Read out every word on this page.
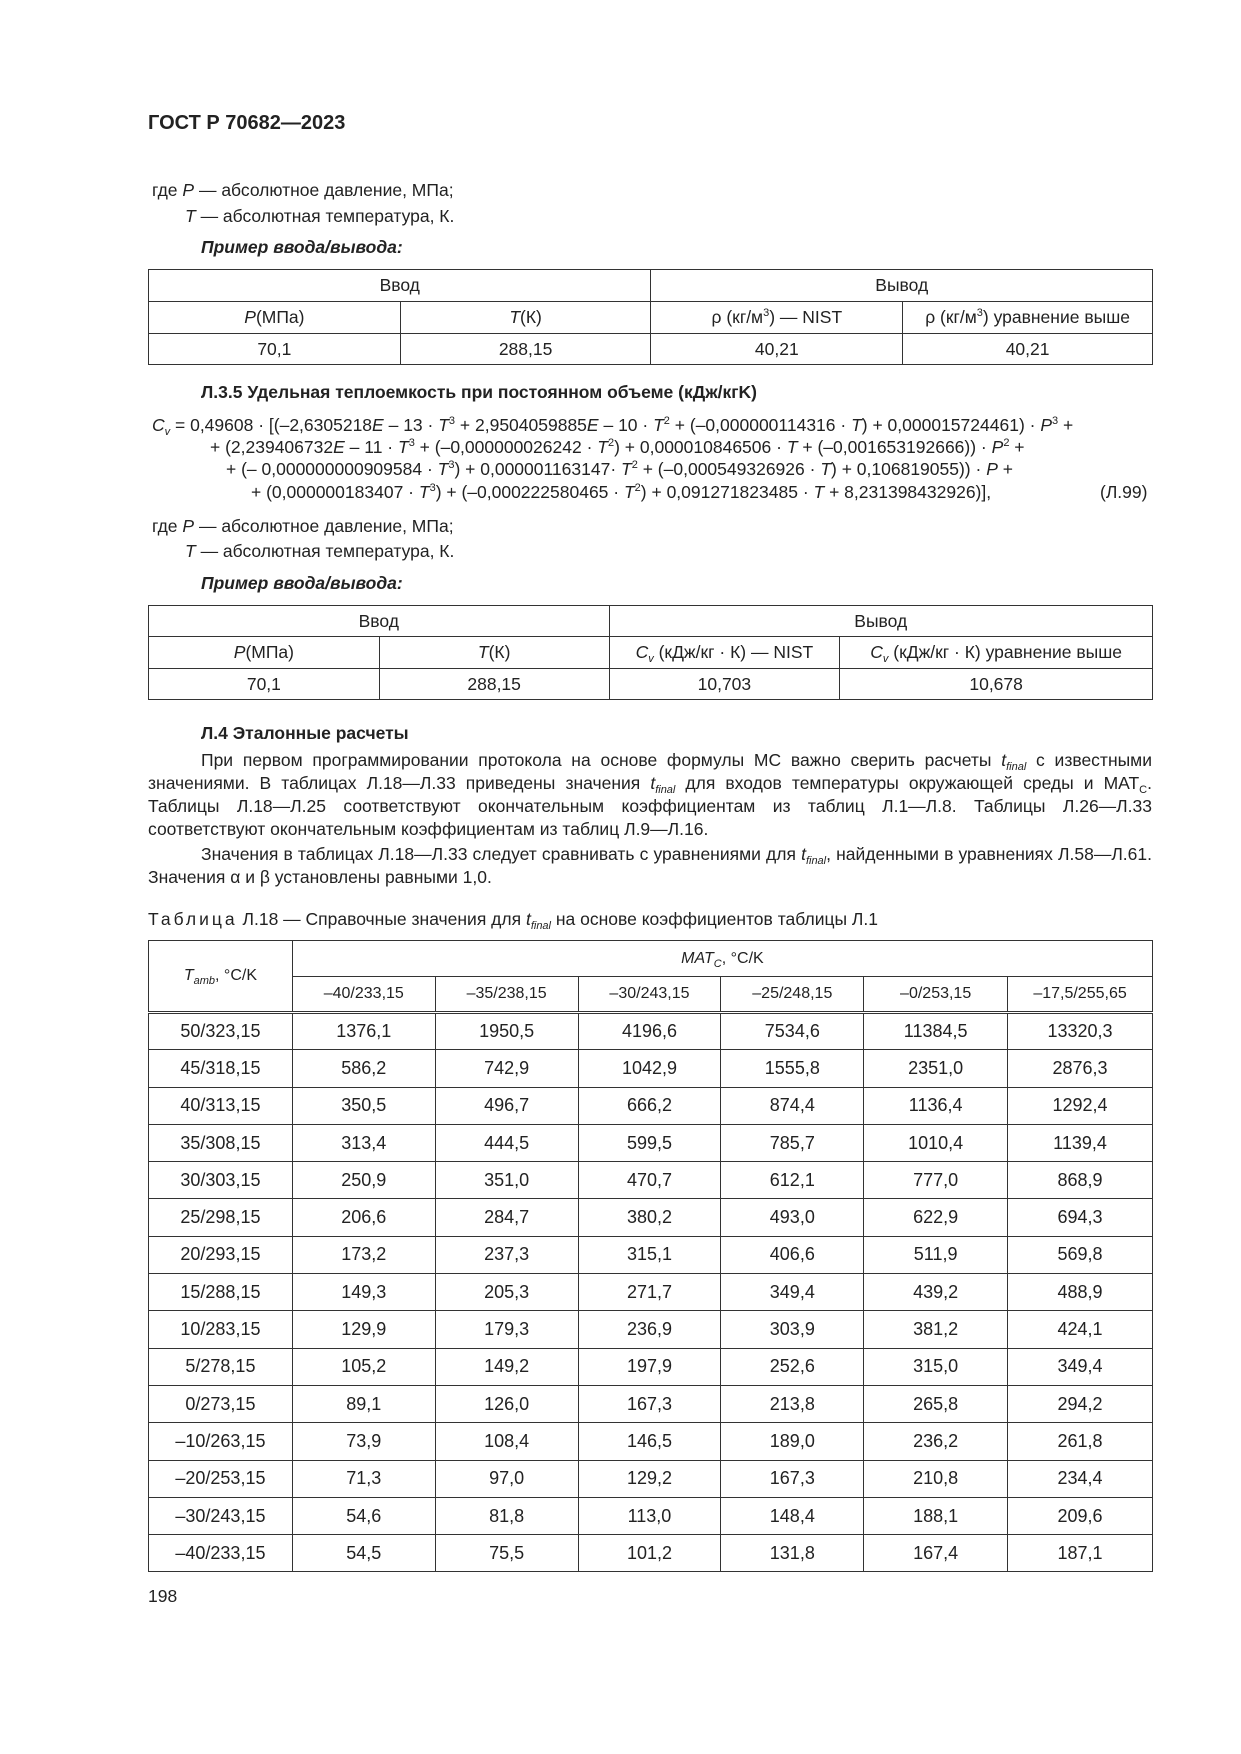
ГОСТ Р 70682—2023
где P — абсолютное давление, МПа;
T — абсолютная температура, К.
Пример ввода/вывода:
Ввод		Вывод	
P(МПа)	T(К)	ρ $(кг/м^3)$ — NIST	ρ $(кг/м^3)$ уравнение выше
70,1	288,15	40,21	40,21
Л.3.5 Удельная теплоемкость при постоянном объеме (кДж/кгK)
$C_v = 0,49608 \cdot [(-2,6305218E - 13 \cdot T^3 + 2,9504059885E - 10 \cdot T^2 + (-0,000000114316 \cdot T) + 0,000015724461) \cdot P^3$ +
+ $(2,239406732E - 11 \cdot T^3 + (-0,000000026242 \cdot T^2) + 0,000010846506 \cdot T + (-0,001653192666)) \cdot P^2$ +
+ (– $0,000000000909584 \cdot T^3) + 0,000001163147\cdot T^2 + (-0,000549326926 \cdot T) + 0,106819055)) \cdot P$ +
+ $(0,000000183407 \cdot T^3) + (-0,000222580465 \cdot T^2) + 0,091271823485 \cdot T + 8,231398432926$)],	(Л.99)
где P — абсолютное давление, МПа;
T — абсолютная температура, К.
Пример ввода/вывода:
Ввод		Вывод	
P(МПа)	T(К)	$C_v$ (кДж/кг · К) — NIST	$C_v$ (кДж/кг · К) уравнение выше
70,1	288,15	10,703	10,678
Л.4 Эталонные расчеты
При первом программировании протокола на основе формулы МС важно сверить расчеты $t_{final}$ с известными значениями. В таблицах Л.18—Л.33 приведены значения $t_{final}$ для входов температуры окружающей среды и $МАТ_C$. Таблицы Л.18—Л.25 соответствуют окончательным коэффициентам из таблиц Л.1—Л.8. Таблицы Л.26—Л.33 соответствуют окончательным коэффициентам из таблиц Л.9—Л.16.
Значения в таблицах Л.18—Л.33 следует сравнивать с уравнениями для $t_{final}$, найденными в уравнениях Л.58—Л.61. Значения α и β установлены равными 1,0.
Таблица Л.18 — Справочные значения для $t_{final}$ на основе коэффициентов таблицы Л.1
$T_{amb}$, °C/K	$MAT_C$, °C/K					
	–40/233,15	–35/238,15	–30/243,15	–25/248,15	–0/253,15	–17,5/255,65
50/323,15	1376,1	1950,5	4196,6	7534,6	11384,5	13320,3
45/318,15	586,2	742,9	1042,9	1555,8	2351,0	2876,3
40/313,15	350,5	496,7	666,2	874,4	1136,4	1292,4
35/308,15	313,4	444,5	599,5	785,7	1010,4	1139,4
30/303,15	250,9	351,0	470,7	612,1	777,0	868,9
25/298,15	206,6	284,7	380,2	493,0	622,9	694,3
20/293,15	173,2	237,3	315,1	406,6	511,9	569,8
15/288,15	149,3	205,3	271,7	349,4	439,2	488,9
10/283,15	129,9	179,3	236,9	303,9	381,2	424,1
5/278,15	105,2	149,2	197,9	252,6	315,0	349,4
0/273,15	89,1	126,0	167,3	213,8	265,8	294,2
–10/263,15	73,9	108,4	146,5	189,0	236,2	261,8
–20/253,15	71,3	97,0	129,2	167,3	210,8	234,4
–30/243,15	54,6	81,8	113,0	148,4	188,1	209,6
–40/233,15	54,5	75,5	101,2	131,8	167,4	187,1
198
